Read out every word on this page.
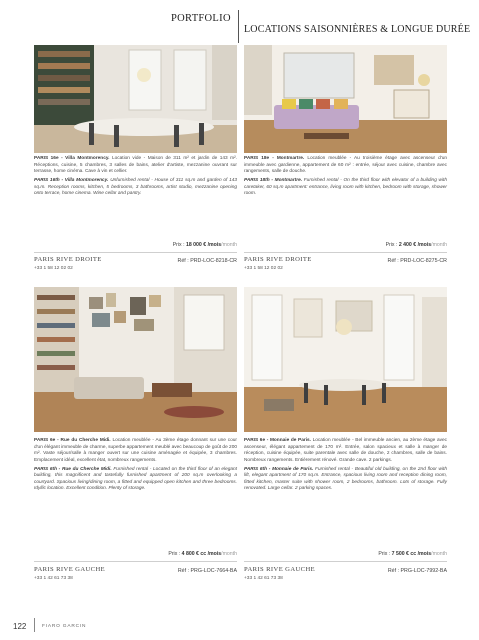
PORTFOLIO
LOCATIONS SAISONNIÈRES & LONGUE DURÉE

PARIS 16e - Villa Montmorency. Location vide - Maison de 311 m² et jardin de 143 m². Réceptions, cuisine, 5 chambres, 3 salles de bains, atelier d'artiste, mezzanine ouvrant sur terrasse, home cinéma. Cave à vin et cellier.

PARIS 16th - Villa Montmorency. Unfurnished rental - House of 311 sq.m and garden of 143 sq.m. Reception rooms, kitchen, 5 bedrooms, 3 bathrooms, artist studio, mezzanine opening onto terrace, home cinema. Wine cellar and pantry.

Prix : 18 000 € /mois/month
PARIS RIVE DROITE
+33 1 58 12 02 02
Réf : PRD-LOC-8218-CR

PARIS 18e - Montmartre. Location meublée - Au troisième étage avec ascenseur d'un immeuble avec gardienne, appartement de 60 m² : entrée, séjour avec cuisine, chambre avec rangements, salle de douche.

PARIS 18th - Montmartre. Furnished rental - On the third floor with elevator of a building with caretaker, 60 sq.m apartment: entrance, living room with kitchen, bedroom with storage, shower room.

Prix : 2 400 € /mois/month
PARIS RIVE DROITE
+33 1 58 12 02 02
Réf : PRD-LOC-8275-CR

PARIS 6e - Rue du Cherche Midi. Location meublée - Au 3ème étage donnant sur une cour d'un élégant immeuble de charme, superbe appartement meublé avec beaucoup de goût de 200 m². Vaste séjour/salle à manger ouvert sur une cuisine aménagée et équipée, 3 chambres. Emplacement idéal, excellent état, nombreux rangements.

PARIS 6th - Rue du Cherche Midi. Furnished rental - Located on the third floor of an elegant building, this magnificent and tastefully furnished apartment of 200 sq.m overlooking a courtyard. Spacious living/dining room, a fitted and equipped open kitchen and three bedrooms. Idyllic location. Excellent condition. Plenty of storage.

Prix : 4 800 € cc /mois/month
PARIS RIVE GAUCHE
+33 1 42 61 73 38
Réf : PRG-LOC-7664-BA

PARIS 6e - Monnaie de Paris. Location meublée - Bel immeuble ancien, au 2ème étage avec ascenseur, élégant appartement de 170 m². Entrée, salon spacieux et salle à manger de réception, cuisine équipée, suite parentale avec salle de douche, 2 chambres, salle de bains. Nombreux rangements. Entièrement rénové. Grande cave. 2 parkings.

PARIS 6th - Monnaie de Paris. Furnished rental - Beautiful old building, on the 2nd floor with lift, elegant apartment of 170 sq.m. Entrance, spacious living room and reception dining room, fitted kitchen, master suite with shower room, 2 bedrooms, bathroom. Lots of storage. Fully renovated. Large cellar. 2 parking spaces.

Prix : 7 500 € cc /mois/month
PARIS RIVE GAUCHE
+33 1 42 61 73 38
Réf : PRG-LOC-7992-BA
122	FIARO GARCIN
